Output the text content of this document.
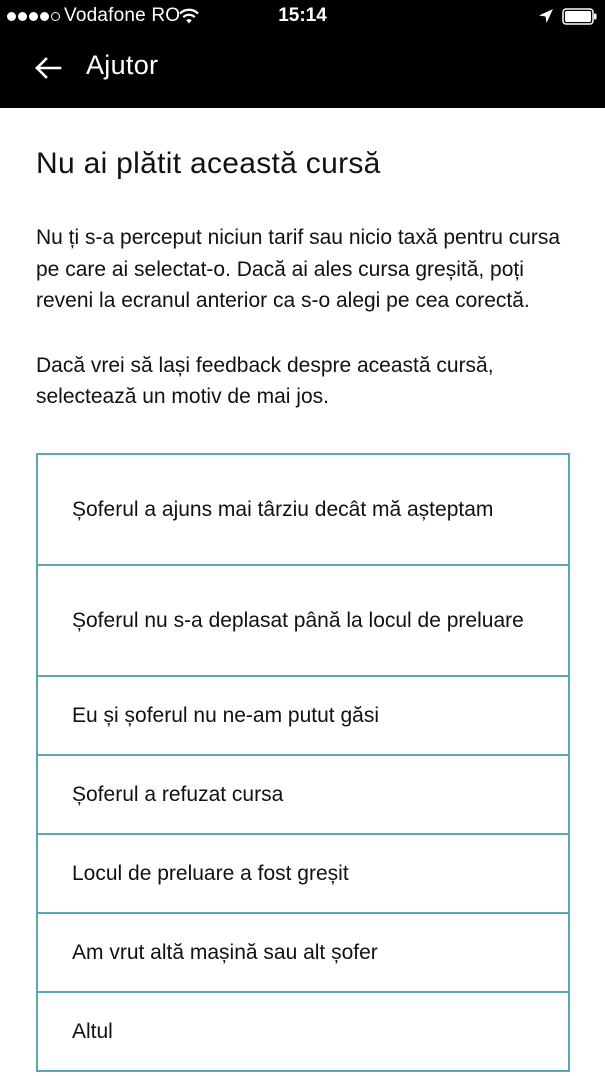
Vodafone RO	15:14
Ajutor
Nu ai plătit această cursă

Nu ți s-a perceput niciun tarif sau nicio taxă pentru cursa pe care ai selectat-o. Dacă ai ales cursa greșită, poți reveni la ecranul anterior ca s-o alegi pe cea corectă.

Dacă vrei să lași feedback despre această cursă, selectează un motiv de mai jos.

Șoferul a ajuns mai târziu decât mă așteptam
Șoferul nu s-a deplasat până la locul de preluare
Eu și șoferul nu ne-am putut găsi
Șoferul a refuzat cursa
Locul de preluare a fost greșit
Am vrut altă mașină sau alt șofer
Altul
